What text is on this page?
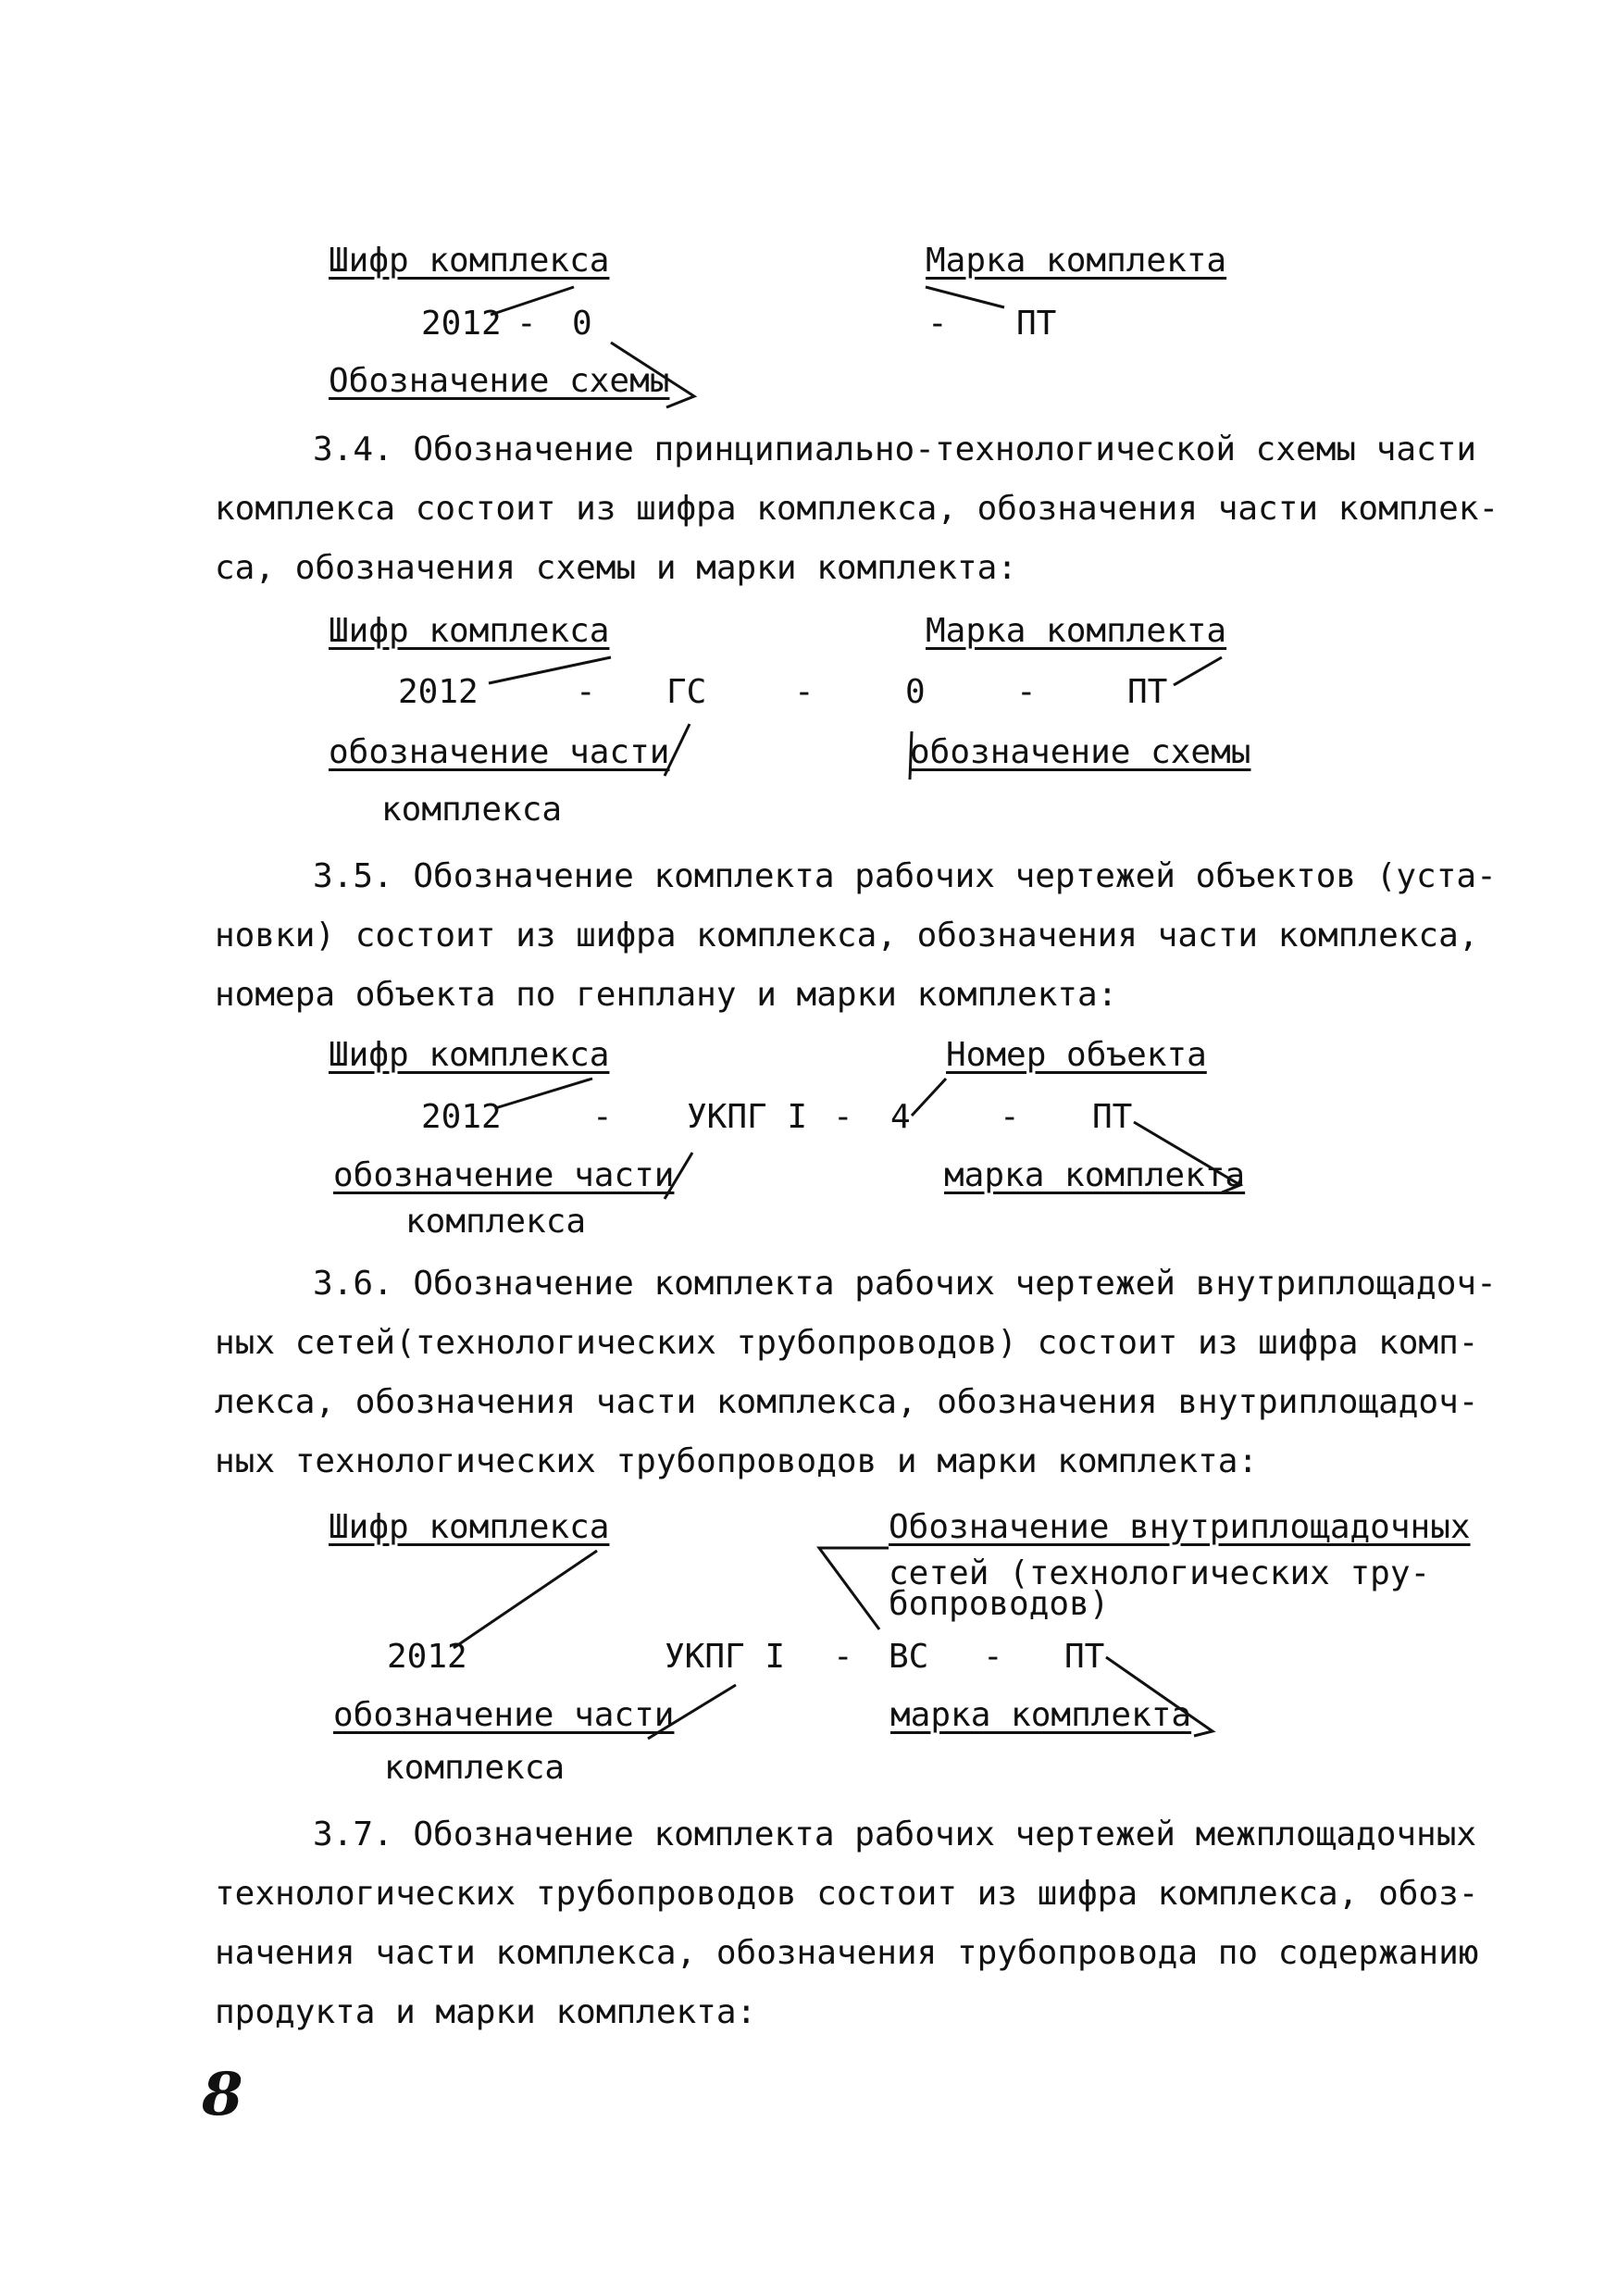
Шифр комплекса	Марка комплекта
2012 - 0	- ПТ
Обозначение схемы
3.4. Обозначение принципиально-технологической схемы части
комплекса состоит из шифра комплекса, обозначения части комплек-
са, обозначения схемы и марки комплекта:
Шифр комплекса	Марка комплекта
2012	- ГС	-	0	-	ПТ
обозначение части
комплекса
обозначение схемы
3.5. Обозначение комплекта рабочих чертежей объектов (уста-
новки) состоит из шифра комплекса, обозначения части комплекса,
номера объекта по генплану и марки комплекта:
Шифр комплекса	Номер объекта
2012	- УКПГ I - 4	- ПТ
обозначение части
комплекса
марка комплекта
3.6. Обозначение комплекта рабочих чертежей внутриплощадоч-
ных сетей(технологических трубопроводов) состоит из шифра комп-
лекса, обозначения части комплекса, обозначения внутриплощадоч-
ных технологических трубопроводов и марки комплекта:
Шифр комплекса	Обозначение внутриплощадочных
сетей (технологических тру-
бопроводов)
2012	УКПГ I - ВС - ПТ
обозначение части
комплекса
марка комплекта
3.7. Обозначение комплекта рабочих чертежей межплощадочных
технологических трубопроводов состоит из шифра комплекса, обоз-
начения части комплекса, обозначения трубопровода по содержанию
продукта и марки комплекта:
8
